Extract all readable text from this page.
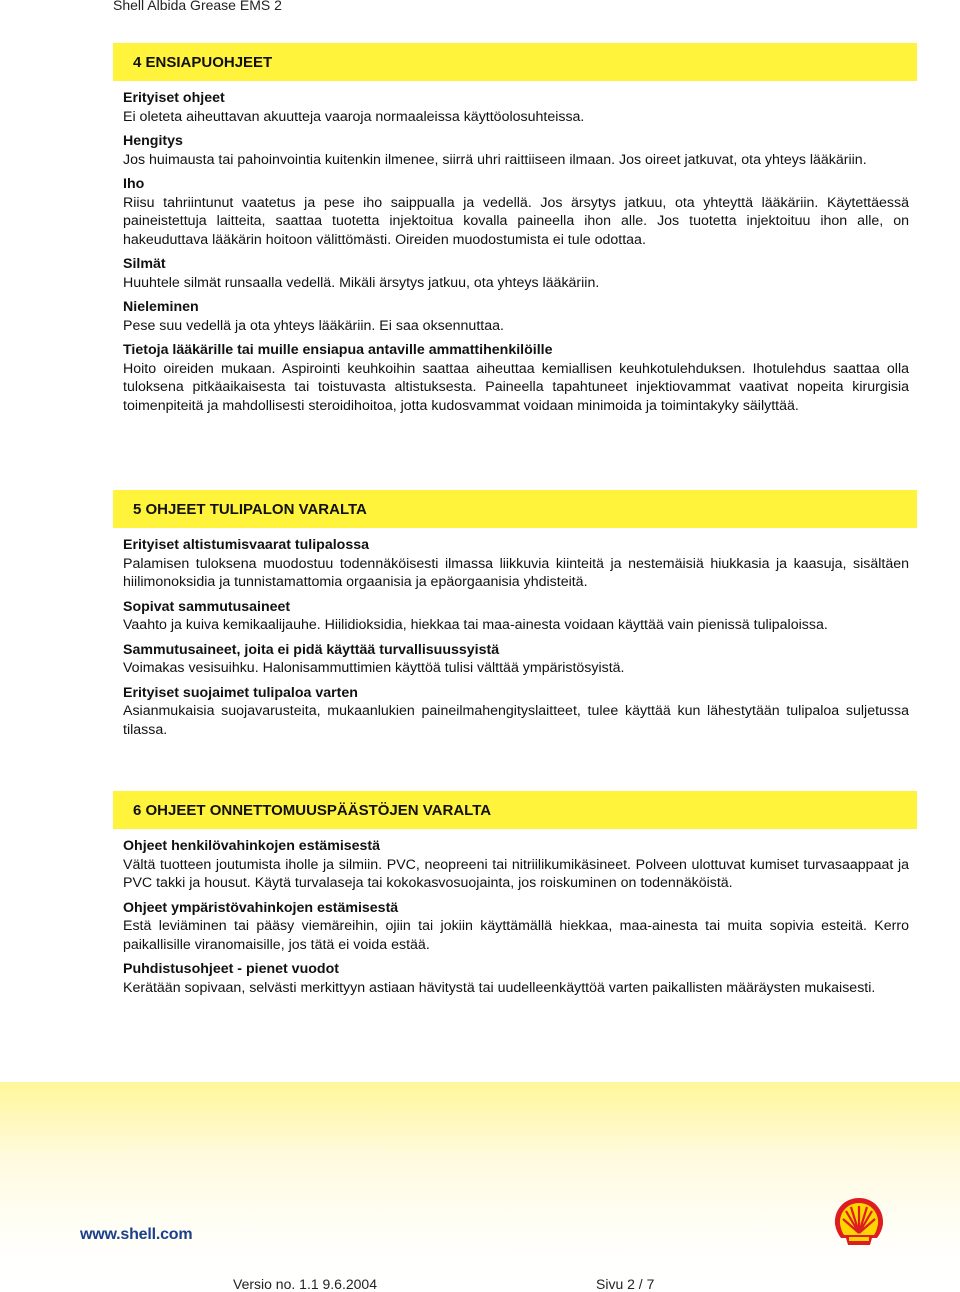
Shell Albida Grease EMS 2
4 ENSIAPUOHJEET
Erityiset ohjeet

Ei oleteta aiheuttavan akuutteja vaaroja normaaleissa käyttöolosuhteissa.

Hengitys

Jos huimausta tai pahoinvointia kuitenkin ilmenee, siirrä uhri raittiiseen ilmaan. Jos oireet jatkuvat, ota yhteys lääkäriin.

Iho

Riisu tahriintunut vaatetus ja pese iho saippualla ja vedellä. Jos ärsytys jatkuu, ota yhteyttä lääkäriin. Käytettäessä paineistettuja laitteita, saattaa tuotetta injektoitua kovalla paineella ihon alle. Jos tuotetta injektoituu ihon alle, on hakeuduttava lääkärin hoitoon välittömästi. Oireiden muodostumista ei tule odottaa.

Silmät

Huuhtele silmät runsaalla vedellä. Mikäli ärsytys jatkuu, ota yhteys lääkäriin.

Nieleminen

Pese suu vedellä ja ota yhteys lääkäriin. Ei saa oksennuttaa.

Tietoja lääkärille tai muille ensiapua antaville ammattihenkilöille

Hoito oireiden mukaan. Aspirointi keuhkoihin saattaa aiheuttaa kemiallisen keuhkotulehduksen. Ihotulehdus saattaa olla tuloksena pitkäaikaisesta tai toistuvasta altistuksesta. Paineella tapahtuneet injektiovammat vaativat nopeita kirurgisia toimenpiteitä ja mahdollisesti steroidihoitoa, jotta kudosvammat voidaan minimoida ja toimintakyky säilyttää.

5 OHJEET TULIPALON VARALTA
Erityiset altistumisvaarat tulipalossa

Palamisen tuloksena muodostuu todennäköisesti ilmassa liikkuvia kiinteitä ja nestemäisiä hiukkasia ja kaasuja, sisältäen hiilimonoksidia ja tunnistamattomia orgaanisia ja epäorgaanisia yhdisteitä.

Sopivat sammutusaineet

Vaahto ja kuiva kemikaalijauhe. Hiilidioksidia, hiekkaa tai maa-ainesta voidaan käyttää vain pienissä tulipaloissa.

Sammutusaineet, joita ei pidä käyttää turvallisuussyistä

Voimakas vesisuihku. Halonisammuttimien käyttöä tulisi välttää ympäristösyistä.

Erityiset suojaimet tulipaloa varten

Asianmukaisia suojavarusteita, mukaanlukien paineilmahengityslaitteet, tulee käyttää kun lähestytään tulipaloa suljetussa tilassa.

6 OHJEET ONNETTOMUUSPÄÄSTÖJEN VARALTA
Ohjeet henkilövahinkojen estämisestä

Vältä tuotteen joutumista iholle ja silmiin. PVC, neopreeni tai nitriilikumikäsineet. Polveen ulottuvat kumiset turvasaappaat ja PVC takki ja housut. Käytä turvalaseja tai kokokasvosuojainta, jos roiskuminen on todennäköistä.

Ohjeet ympäristövahinkojen estämisestä

Estä leviäminen tai pääsy viemäreihin, ojiin tai jokiin käyttämällä hiekkaa, maa-ainesta tai muita sopivia esteitä. Kerro paikallisille viranomaisille, jos tätä ei voida estää.

Puhdistusohjeet - pienet vuodot

Kerätään sopivaan, selvästi merkittyyn astiaan hävitystä tai uudelleenkäyttöä varten paikallisten määräysten mukaisesti.

www.shell.com
Versio no. 1.1 9.6.2004	Sivu 2 / 7
